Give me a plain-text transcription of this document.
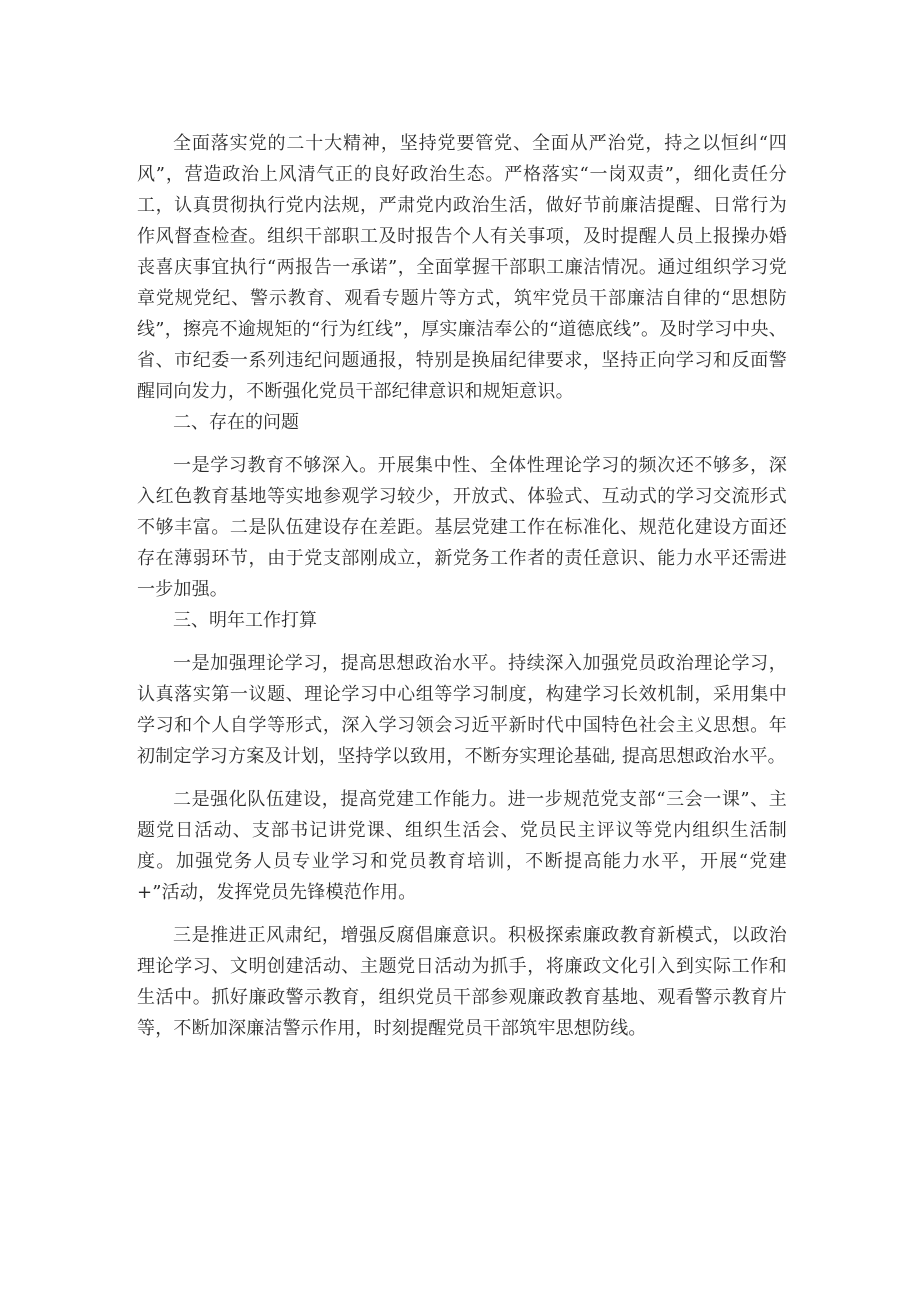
全面落实党的二十大精神，坚持党要管党、全面从严治党，持之以恒纠“四风”，营造政治上风清气正的良好政治生态。严格落实“一岗双责”，细化责任分工，认真贯彻执行党内法规，严肃党内政治生活，做好节前廉洁提醒、日常行为作风督查检查。组织干部职工及时报告个人有关事项，及时提醒人员上报操办婚丧喜庆事宜执行“两报告一承诺”，全面掌握干部职工廉洁情况。通过组织学习党章党规党纪、警示教育、观看专题片等方式，筑牢党员干部廉洁自律的“思想防线”，擦亮不逾规矩的“行为红线”，厚实廉洁奉公的“道德底线”。及时学习中央、省、市纪委一系列违纪问题通报，特别是换届纪律要求，坚持正向学习和反面警醒同向发力，不断强化党员干部纪律意识和规矩意识。

二、存在的问题

一是学习教育不够深入。开展集中性、全体性理论学习的频次还不够多，深入红色教育基地等实地参观学习较少，开放式、体验式、互动式的学习交流形式不够丰富。二是队伍建设存在差距。基层党建工作在标准化、规范化建设方面还存在薄弱环节，由于党支部刚成立，新党务工作者的责任意识、能力水平还需进一步加强。

三、明年工作打算

一是加强理论学习，提高思想政治水平。持续深入加强党员政治理论学习，认真落实第一议题、理论学习中心组等学习制度，构建学习长效机制，采用集中学习和个人自学等形式，深入学习领会习近平新时代中国特色社会主义思想。年初制定学习方案及计划，坚持学以致用，不断夯实理论基础, 提高思想政治水平。

二是强化队伍建设，提高党建工作能力。进一步规范党支部“三会一课”、主题党日活动、支部书记讲党课、组织生活会、党员民主评议等党内组织生活制度。加强党务人员专业学习和党员教育培训，不断提高能力水平，开展“党建+”活动，发挥党员先锋模范作用。

三是推进正风肃纪，增强反腐倡廉意识。积极探索廉政教育新模式，以政治理论学习、文明创建活动、主题党日活动为抓手，将廉政文化引入到实际工作和生活中。抓好廉政警示教育，组织党员干部参观廉政教育基地、观看警示教育片等，不断加深廉洁警示作用，时刻提醒党员干部筑牢思想防线。
